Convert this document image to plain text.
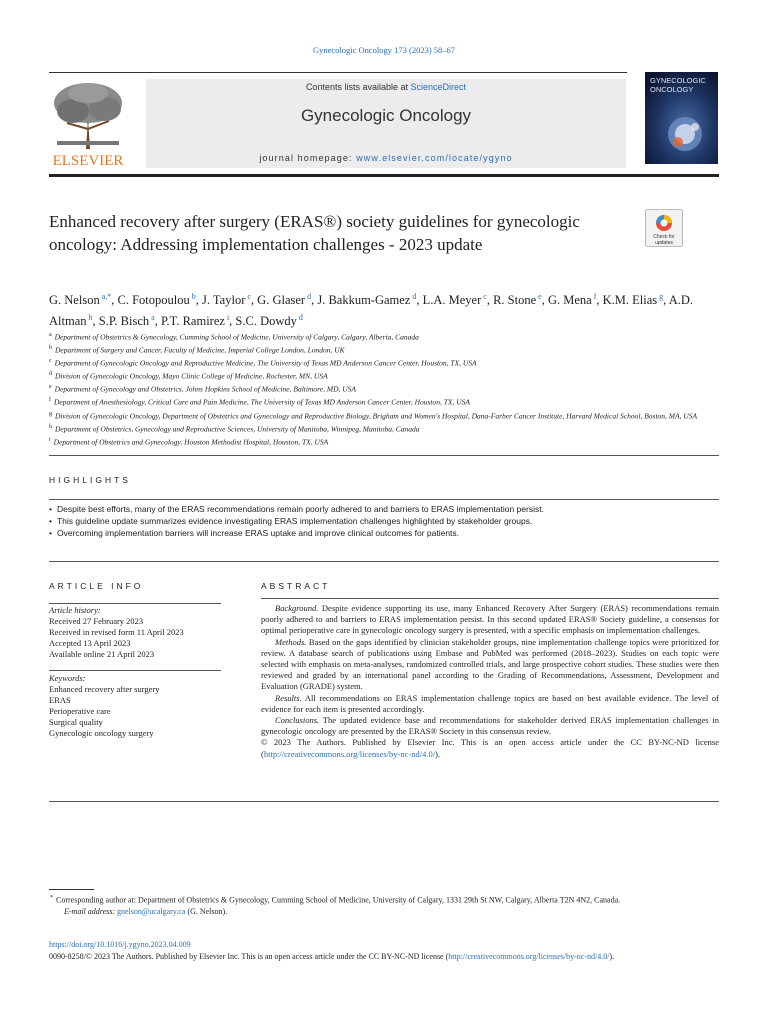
Gynecologic Oncology 173 (2023) 58–67
ELSEVIER
Contents lists available at ScienceDirect
Gynecologic Oncology
journal homepage: www.elsevier.com/locate/ygyno
GYNECOLOGIC
ONCOLOGY
Enhanced recovery after surgery (ERAS®) society guidelines for gynecologic oncology: Addressing implementation challenges - 2023 update	Check for
updates
G. Nelson $^{a,*}$, C. Fotopoulou $^b$, J. Taylor $^c$, G. Glaser $^d$, J. Bakkum-Gamez $^d$, L.A. Meyer $^c$, R. Stone $^e$, G. Mena $^f$, K.M. Elias $^g$, A.D. Altman $^h$, S.P. Bisch $^a$, P.T. Ramirez $^i$, S.C. Dowdy $^d$
$^a$ Department of Obstetrics & Gynecology, Cumming School of Medicine, University of Calgary, Calgary, Alberta, Canada
$^b$ Department of Surgery and Cancer, Faculty of Medicine, Imperial College London, London, UK
$^c$ Department of Gynecologic Oncology and Reproductive Medicine, The University of Texas MD Anderson Cancer Center, Houston, TX, USA
$^d$ Division of Gynecologic Oncology, Mayo Clinic College of Medicine, Rochester, MN, USA
$^e$ Department of Gynecology and Obstetrics, Johns Hopkins School of Medicine, Baltimore, MD, USA
$^f$ Department of Anesthesiology, Critical Care and Pain Medicine, The University of Texas MD Anderson Cancer Center, Houston, TX, USA
$^g$ Division of Gynecologic Oncology, Department of Obstetrics and Gynecology and Reproductive Biology, Brigham and Women's Hospital, Dana-Farber Cancer Institute, Harvard Medical School, Boston, MA, USA
$^h$ Department of Obstetrics, Gynecology and Reproductive Sciences, University of Manitoba, Winnipeg, Manitoba, Canada
$^i$ Department of Obstetrics and Gynecology, Houston Methodist Hospital, Houston, TX, USA
HIGHLIGHTS
• Despite best efforts, many of the ERAS recommendations remain poorly adhered to and barriers to ERAS implementation persist.
• This guideline update summarizes evidence investigating ERAS implementation challenges highlighted by stakeholder groups.
• Overcoming implementation barriers will increase ERAS uptake and improve clinical outcomes for patients.
ARTICLE INFO	ABSTRACT
Article history:
Received 27 February 2023
Received in revised form 11 April 2023
Accepted 13 April 2023
Available online 21 April 2023
Keywords:
Enhanced recovery after surgery
ERAS
Perioperative care
Surgical quality
Gynecologic oncology surgery

Background. Despite evidence supporting its use, many Enhanced Recovery After Surgery (ERAS) recommendations remain poorly adhered to and barriers to ERAS implementation persist. In this second updated ERAS® Society guideline, a consensus for optimal perioperative care in gynecologic oncology surgery is presented, with a specific emphasis on implementation challenges.

Methods. Based on the gaps identified by clinician stakeholder groups, nine implementation challenge topics were prioritized for review. A database search of publications using Embase and PubMed was performed (2018–2023). Studies on each topic were selected with emphasis on meta-analyses, randomized controlled trials, and large prospective cohort studies. These studies were then reviewed and graded by an international panel according to the Grading of Recommendations, Assessment, Development and Evaluation (GRADE) system.

Results. All recommendations on ERAS implementation challenge topics are based on best available evidence. The level of evidence for each item is presented accordingly.

Conclusions. The updated evidence base and recommendations for stakeholder derived ERAS implementation challenges in gynecologic oncology are presented by the ERAS® Society in this consensus review.

© 2023 The Authors. Published by Elsevier Inc. This is an open access article under the CC BY-NC-ND license (http://creativecommons.org/licenses/by-nc-nd/4.0/).

* Corresponding author at: Department of Obstetrics & Gynecology, Cumming School of Medicine, University of Calgary, 1331 29th St NW, Calgary, Alberta T2N 4N2, Canada.
E-mail address: gnelson@ucalgary.ca (G. Nelson).
https://doi.org/10.1016/j.ygyno.2023.04.009
0090-8258/© 2023 The Authors. Published by Elsevier Inc. This is an open access article under the CC BY-NC-ND license (http://creativecommons.org/licenses/by-nc-nd/4.0/).
